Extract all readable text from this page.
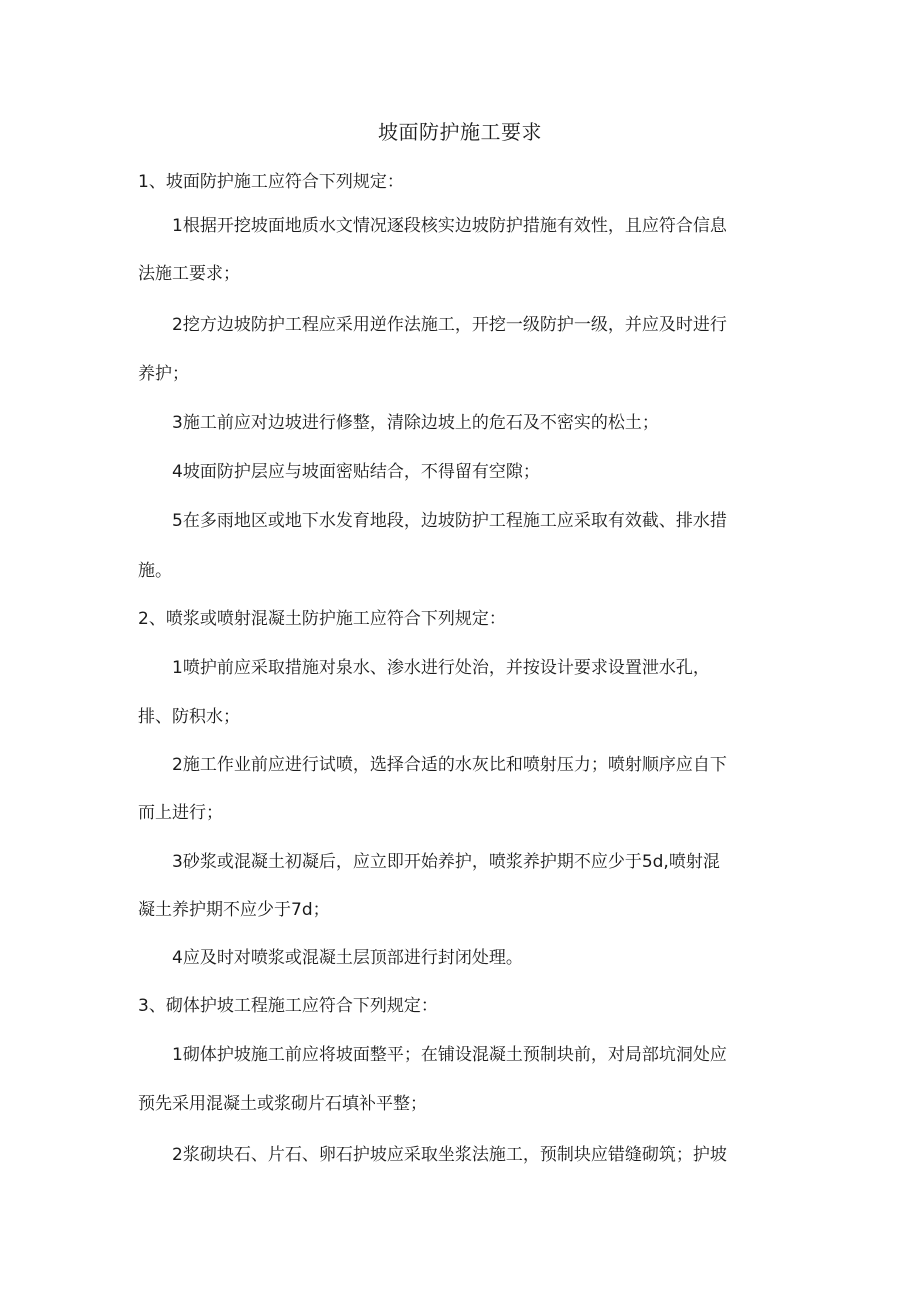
坡面防护施工要求
1、坡面防护施工应符合下列规定：
1根据开挖坡面地质水文情况逐段核实边坡防护措施有效性，且应符合信息
法施工要求；
2挖方边坡防护工程应采用逆作法施工，开挖一级防护一级，并应及时进行
养护；
3施工前应对边坡进行修整，清除边坡上的危石及不密实的松土；
4坡面防护层应与坡面密贴结合，不得留有空隙；
5在多雨地区或地下水发育地段，边坡防护工程施工应采取有效截、排水措
施。
2、喷浆或喷射混凝土防护施工应符合下列规定：
1喷护前应采取措施对泉水、渗水进行处治，并按设计要求设置泄水孔，
排、防积水；
2施工作业前应进行试喷，选择合适的水灰比和喷射压力；喷射顺序应自下
而上进行；
3砂浆或混凝土初凝后，应立即开始养护，喷浆养护期不应少于5d,喷射混
凝土养护期不应少于7d；
4应及时对喷浆或混凝土层顶部进行封闭处理。
3、砌体护坡工程施工应符合下列规定：
1砌体护坡施工前应将坡面整平；在铺设混凝土预制块前，对局部坑洞处应
预先采用混凝土或浆砌片石填补平整；
2浆砌块石、片石、卵石护坡应采取坐浆法施工，预制块应错缝砌筑；护坡
